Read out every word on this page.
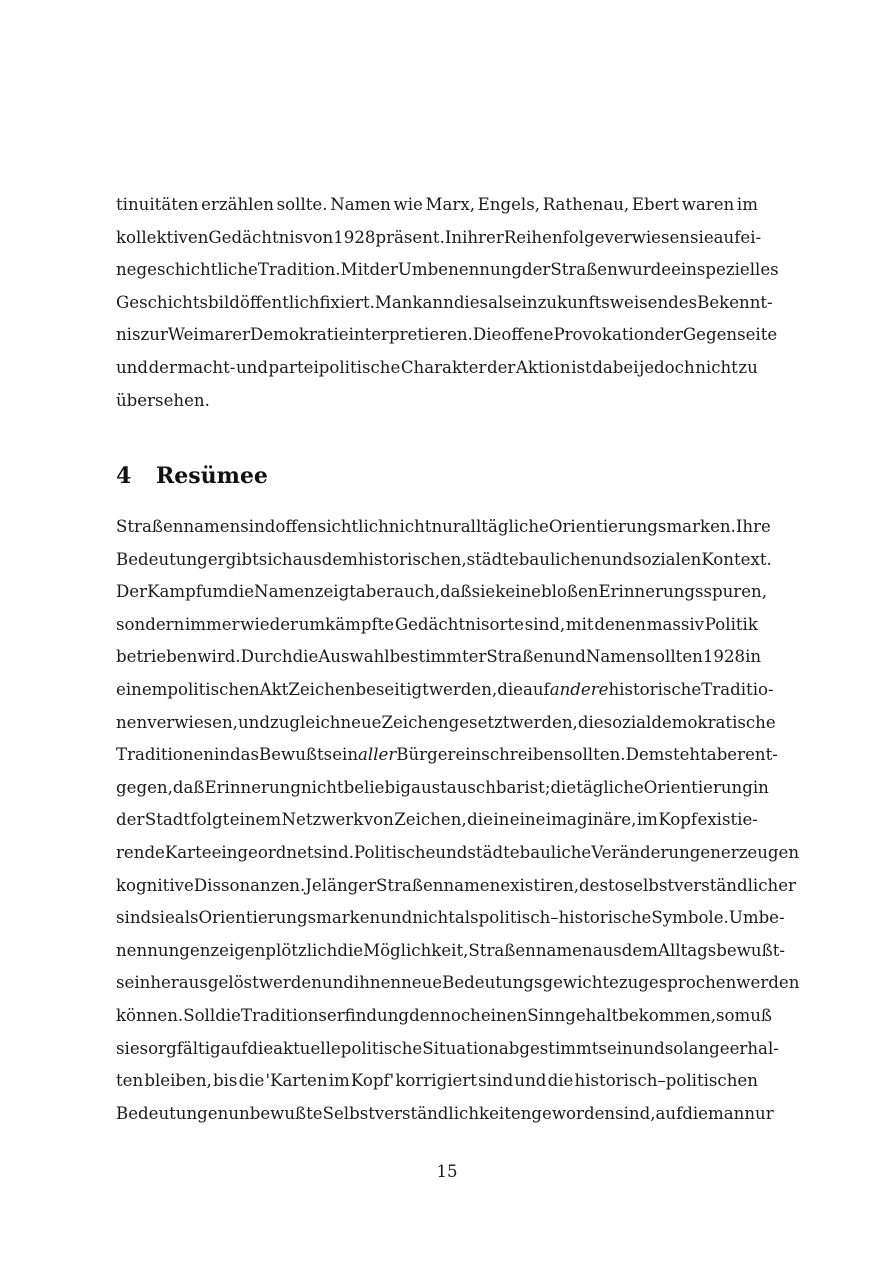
tinuitäten erzählen sollte. Namen wie Marx, Engels, Rathenau, Ebert waren im
kollektiven Gedächtnis von 1928 präsent. In ihrer Reihenfolge verwiesen sie auf ei-
ne geschichtliche Tradition. Mit der Umbenennung der Straßen wurde ein spezielles
Geschichtsbild öffentlich fixiert. Man kann dies als ein zukunftsweisendes Bekennt-
nis zur Weimarer Demokratie interpretieren. Die offene Provokation der Gegenseite
und der macht- und parteipolitische Charakter der Aktion ist dabei jedoch nicht zu
übersehen.
4 Resümee
Straßennamen sind offensichtlich nicht nur alltägliche Orientierungsmarken. Ihre
Bedeutung ergibt sich aus dem historischen, städtebaulichen und sozialen Kontext.
Der Kampf um die Namen zeigt aber auch, daß sie keine bloßen Erinnerungsspuren,
sondern immer wieder umkämpfte Gedächtnisorte sind, mit denen massiv Politik
betrieben wird. Durch die Auswahl bestimmter Straßen und Namen sollten 1928 in
einem politischen Akt Zeichen beseitigt werden, die auf andere historische Traditio-
nen verwiesen, und zugleich neue Zeichen gesetzt werden, die sozialdemokratische
Traditionen in das Bewußtsein aller Bürger einschreiben sollten. Dem steht aber ent-
gegen, daß Erinnerung nicht beliebig austauschbar ist; die tägliche Orientierung in
der Stadt folgt einem Netzwerk von Zeichen, die in eine imaginäre, im Kopf existie-
rende Karte eingeordnet sind. Politische und städtebauliche Veränderungen erzeugen
kognitive Dissonanzen. Je länger Straßennamen existiren, desto selbstverständlicher
sind sie als Orientierungsmarken und nicht als politisch–historische Symbole. Umbe-
nennungen zeigen plötzlich die Möglichkeit, Straßennamen aus dem Alltagsbewußt-
sein herausgelöst werden und ihnen neue Bedeutungsgewichte zugesprochen werden
können. Soll die Traditionserfindung dennoch einen Sinngehalt bekommen, so muß
sie sorgfältig auf die aktuelle politische Situation abgestimmt sein und so lange erhal-
ten bleiben, bis die 'Karten im Kopf' korrigiert sind und die historisch–politischen
Bedeutungen unbewußte Selbstverständlichkeiten geworden sind, auf die man nur
15
